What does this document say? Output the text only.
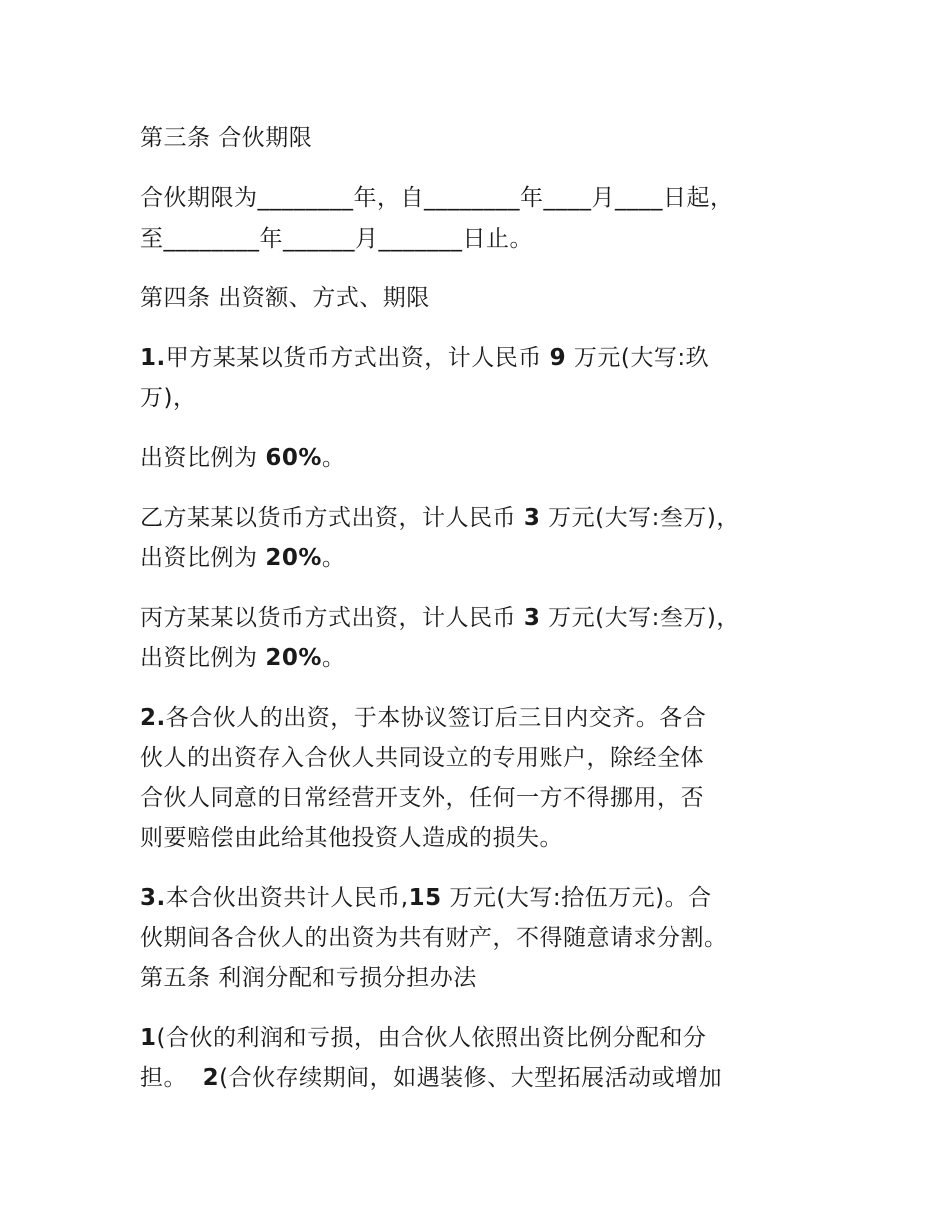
第三条 合伙期限
合伙期限为________年，自________年____月____日起，
至________年______月_______日止。
第四条 出资额、方式、期限
1.甲方某某以货币方式出资，计人民币 9 万元(大写:玖
万)，
出资比例为 60%。
乙方某某以货币方式出资，计人民币 3 万元(大写:叁万)，
出资比例为 20%。
丙方某某以货币方式出资，计人民币 3 万元(大写:叁万)，
出资比例为 20%。
2.各合伙人的出资，于本协议签订后三日内交齐。各合
伙人的出资存入合伙人共同设立的专用账户，除经全体
合伙人同意的日常经营开支外，任何一方不得挪用，否
则要赔偿由此给其他投资人造成的损失。
3.本合伙出资共计人民币,15 万元(大写:拾伍万元)。合
伙期间各合伙人的出资为共有财产，不得随意请求分割。
第五条 利润分配和亏损分担办法
1(合伙的利润和亏损，由合伙人依照出资比例分配和分
担。  2(合伙存续期间，如遇装修、大型拓展活动或增加
